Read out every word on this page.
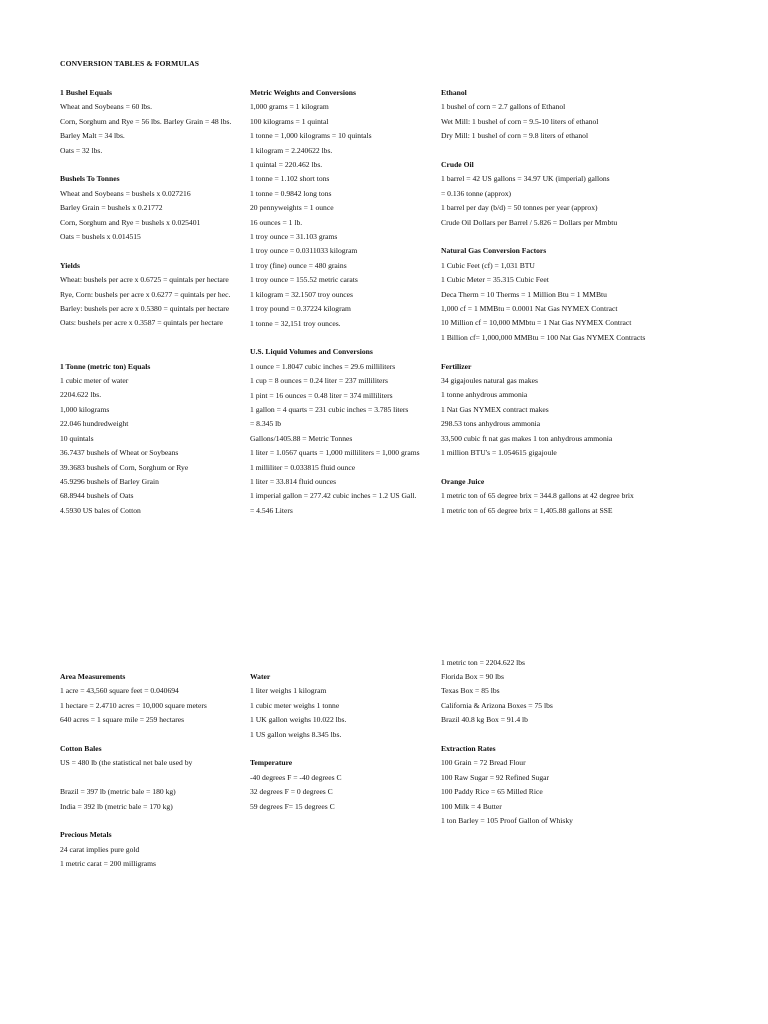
CONVERSION TABLES & FORMULAS
1 Bushel Equals
Wheat and Soybeans = 60 lbs.
Corn, Sorghum and Rye = 56 lbs. Barley Grain = 48 lbs.
Barley Malt = 34 lbs.
Oats = 32 lbs.
Bushels To Tonnes
Wheat and Soybeans = bushels x 0.027216
Barley Grain = bushels x 0.21772
Corn, Sorghum and Rye = bushels x 0.025401
Oats = bushels x 0.014515
Yields
Wheat: bushels per acre x 0.6725 = quintals per hectare
Rye, Corn: bushels per acre x 0.6277 = quintals per hec.
Barley: bushels per acre x 0.5380 = quintals per hectare
Oats: bushels per acre x 0.3587 = quintals per hectare
1 Tonne (metric ton) Equals
1 cubic meter of water
2204.622 lbs.
1,000 kilograms
22.046 hundredweight
10 quintals
36.7437 bushels of Wheat or Soybeans
39.3683 bushels of Corn, Sorghum or Rye
45.9296 bushels of Barley Grain
68.8944 bushels of Oats
4.5930 US bales of Cotton
Metric Weights and Conversions
1,000 grams = 1 kilogram
100 kilograms = 1 quintal
1 tonne = 1,000 kilograms = 10 quintals
1 kilogram = 2.240622 lbs.
1 quintal = 220.462 lbs.
1 tonne = 1.102 short tons
1 tonne = 0.9842 long tons
20 pennyweights = 1 ounce
16 ounces = 1 lb.
1 troy ounce = 31.103 grams
1 troy ounce = 0.0311033 kilogram
1 troy (fine) ounce = 480 grains
1 troy ounce = 155.52 metric carats
1 kilogram = 32.1507 troy ounces
1 troy pound = 0.37224 kilogram
1 tonne = 32,151 troy ounces.
U.S. Liquid Volumes and Conversions
1 ounce = 1.8047 cubic inches = 29.6 milliliters
1 cup = 8 ounces = 0.24 liter = 237 milliliters
1 pint = 16 ounces = 0.48 liter = 374 milliliters
1 gallon = 4 quarts = 231 cubic inches = 3.785 liters
= 8.345 lb
Gallons/1405.88 = Metric Tonnes
1 liter = 1.0567 quarts = 1,000 milliliters = 1,000 grams
1 milliliter = 0.033815 fluid ounce
1 liter = 33.814 fluid ounces
1 imperial gallon = 277.42 cubic inches = 1.2 US Gall.
= 4.546 Liters
Ethanol
1 bushel of corn = 2.7 gallons of Ethanol
Wet Mill: 1 bushel of corn = 9.5-10 liters of ethanol
Dry Mill: 1 bushel of corn = 9.8 liters of ethanol
Crude Oil
1 barrel = 42 US gallons = 34.97 UK (imperial) gallons
= 0.136 tonne (approx)
1 barrel per day (b/d) = 50 tonnes per year (approx)
Crude Oil Dollars per Barrel / 5.826 = Dollars per Mmbtu
Natural Gas Conversion Factors
1 Cubic Feet (cf) = 1,031 BTU
1 Cubic Meter = 35.315 Cubic Feet
Deca Therm = 10 Therms = 1 Million Btu = 1 MMBtu
1,000 cf = 1 MMBtu = 0.0001 Nat Gas NYMEX Contract
10 Million cf = 10,000 MMbtu = 1 Nat Gas NYMEX Contract
1 Billion cf= 1,000,000 MMBtu = 100 Nat Gas NYMEX Contracts
Fertilizer
34 gigajoules natural gas makes
1 tonne anhydrous ammonia
1 Nat Gas NYMEX contract makes
298.53 tons anhydrous ammonia
33,500 cubic ft nat gas makes 1 ton anhydrous ammonia
1 million BTU's = 1.054615 gigajoule
Orange Juice
1 metric ton of 65 degree brix = 344.8 gallons at 42 degree brix
1 metric ton of 65 degree brix = 1,405.88 gallons at SSE
Area Measurements
1 acre = 43,560 square feet = 0.040694
1 hectare = 2.4710 acres = 10,000 square meters
640 acres = 1 square mile = 259 hectares
Cotton Bales
US = 480 lb (the statistical net bale used by
Brazil = 397 lb (metric bale = 180 kg)
India = 392 lb (metric bale = 170 kg)
Precious Metals
24 carat implies pure gold
1 metric carat = 200 milligrams
Water
1 liter weighs 1 kilogram
1 cubic meter weighs 1 tonne
1 UK gallon weighs 10.022 lbs.
1 US gallon weighs 8.345 lbs.
Temperature
-40 degrees F = -40 degrees C
32 degrees F = 0 degrees C
59 degrees F= 15 degrees C
1 metric ton = 2204.622 lbs
Florida Box = 90 lbs
Texas Box = 85 lbs
California & Arizona Boxes = 75 lbs
Brazil 40.8 kg Box = 91.4 lb
Extraction Rates
100 Grain = 72 Bread Flour
100 Raw Sugar = 92 Refined Sugar
100 Paddy Rice = 65 Milled Rice
100 Milk = 4 Butter
1 ton Barley = 105 Proof Gallon of Whisky
